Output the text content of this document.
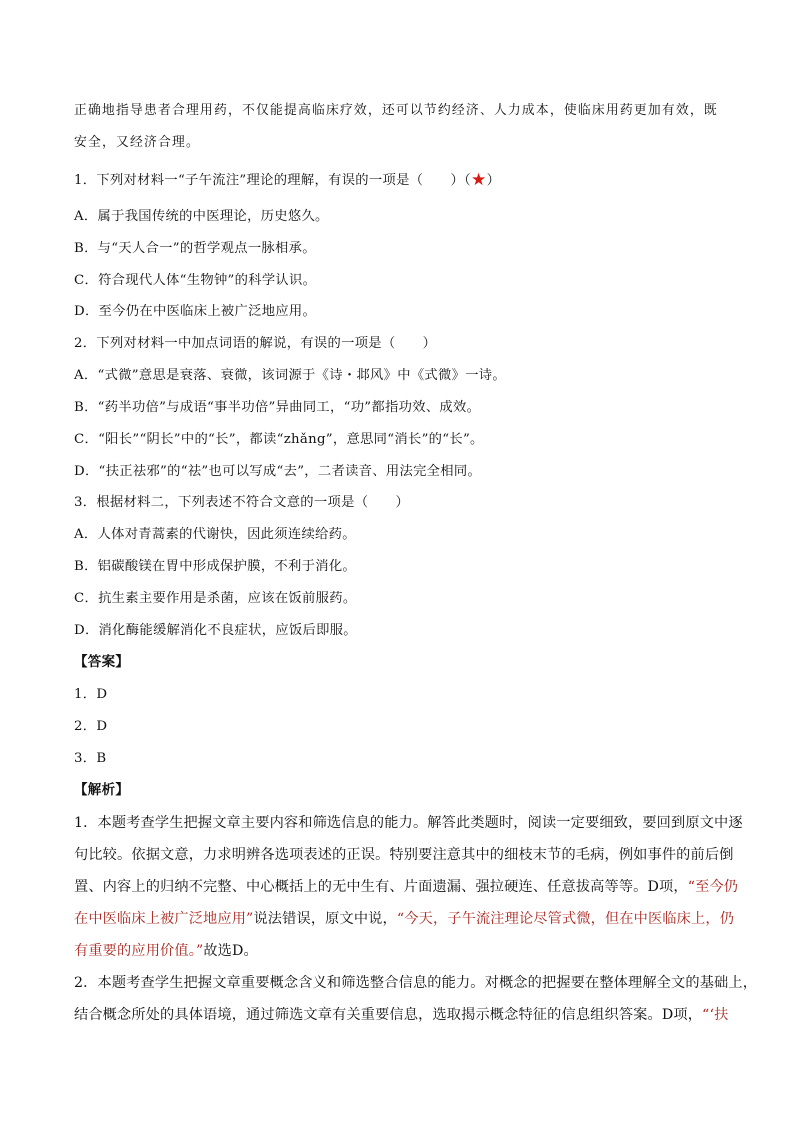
正确地指导患者合理用药，不仅能提高临床疗效，还可以节约经济、人力成本，使临床用药更加有效，既
安全，又经济合理。
1．下列对材料一“子午流注”理论的理解，有误的一项是（　　）（★）
A．属于我国传统的中医理论，历史悠久。
B．与“天人合一”的哲学观点一脉相承。
C．符合现代人体“生物钟”的科学认识。
D．至今仍在中医临床上被广泛地应用。
2．下列对材料一中加点词语的解说，有误的一项是（　　）
A．“式微”意思是衰落、衰微，该词源于《诗・邶风》中《式微》一诗。
B．“药半功倍”与成语“事半功倍”异曲同工，“功”都指功效、成效。
C．“阳长”“阴长”中的“长”，都读“zhǎng”，意思同“消长”的“长”。
D．“扶正祛邪”的“祛”也可以写成“去”，二者读音、用法完全相同。
3．根据材料二，下列表述不符合文意的一项是（　　）
A．人体对青蒿素的代谢快，因此须连续给药。
B．铝碳酸镁在胃中形成保护膜，不利于消化。
C．抗生素主要作用是杀菌，应该在饭前服药。
D．消化酶能缓解消化不良症状，应饭后即服。
【答案】
1．D
2．D
3．B
【解析】
1．本题考查学生把握文章主要内容和筛选信息的能力。解答此类题时，阅读一定要细致，要回到原文中逐
句比较。依据文意，力求明辨各选项表述的正误。特别要注意其中的细枝末节的毛病，例如事件的前后倒
置、内容上的归纳不完整、中心概括上的无中生有、片面遗漏、强拉硬连、任意拔高等等。D项，“至今仍
在中医临床上被广泛地应用”说法错误，原文中说，“今天，子午流注理论尽管式微，但在中医临床上，仍
有重要的应用价值。”故选D。
2．本题考查学生把握文章重要概念含义和筛选整合信息的能力。对概念的把握要在整体理解全文的基础上，
结合概念所处的具体语境，通过筛选文章有关重要信息，选取揭示概念特征的信息组织答案。D项，“‘扶
